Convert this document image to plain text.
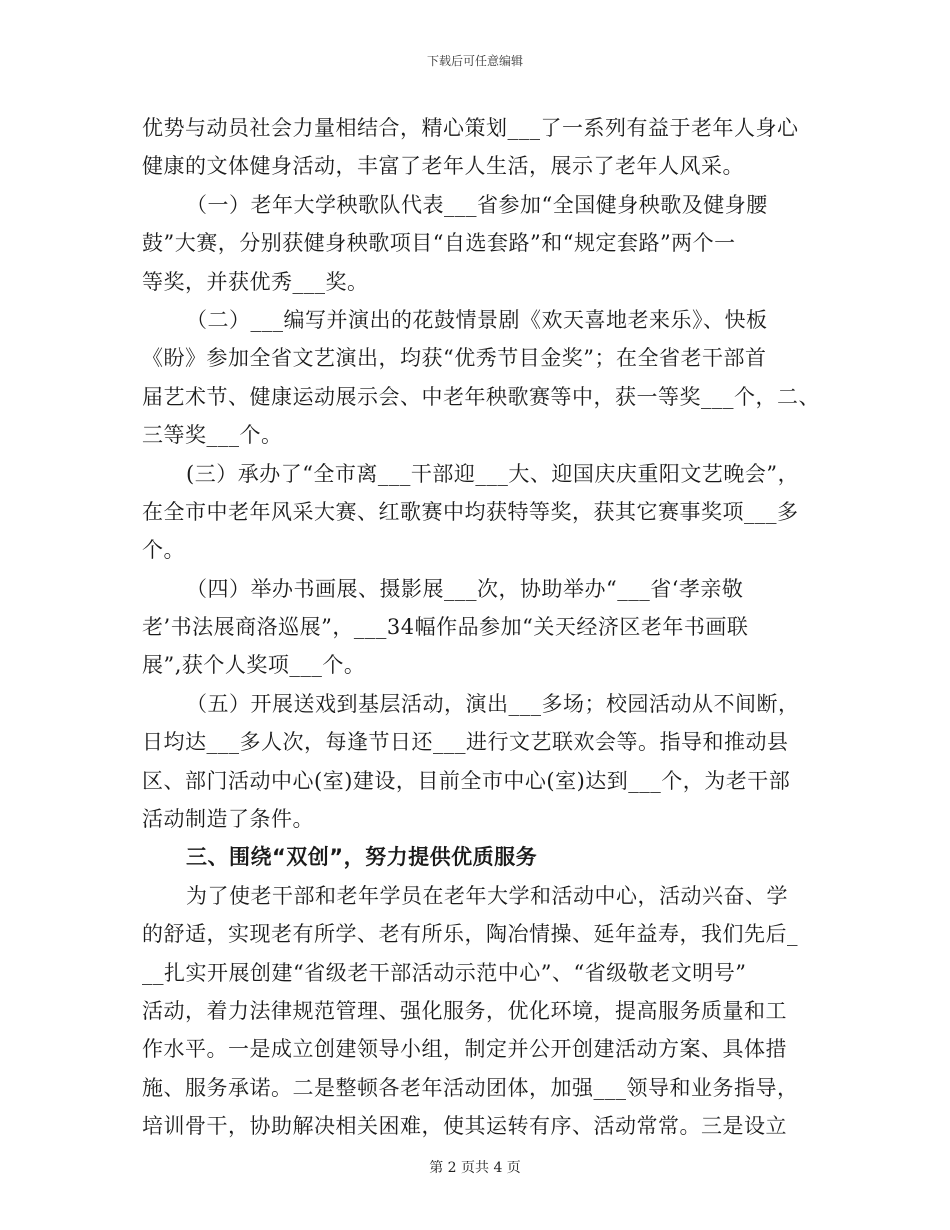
下载后可任意编辑
优势与动员社会力量相结合，精心策划___了一系列有益于老年人身心
健康的文体健身活动，丰富了老年人生活，展示了老年人风采。
（一）老年大学秧歌队代表___省参加“全国健身秧歌及健身腰
鼓”大赛，分别获健身秧歌项目“自选套路”和“规定套路”两个一
等奖，并获优秀___奖。
（二）___编写并演出的花鼓情景剧《欢天喜地老来乐》、快板
《盼》参加全省文艺演出，均获“优秀节目金奖”；在全省老干部首
届艺术节、健康运动展示会、中老年秧歌赛等中，获一等奖___个，二、
三等奖___个。
(三）承办了“全市离___干部迎___大、迎国庆庆重阳文艺晚会”，
在全市中老年风采大赛、红歌赛中均获特等奖，获其它赛事奖项___多
个。
（四）举办书画展、摄影展___次，协助举办“___省‘孝亲敬
老’书法展商洛巡展”，___34幅作品参加“关天经济区老年书画联
展”,获个人奖项___个。
（五）开展送戏到基层活动，演出___多场；校园活动从不间断，
日均达___多人次，每逢节日还___进行文艺联欢会等。指导和推动县
区、部门活动中心(室)建设，目前全市中心(室)达到___个，为老干部
活动制造了条件。
三、围绕“双创”，努力提供优质服务
为了使老干部和老年学员在老年大学和活动中心，活动兴奋、学
的舒适，实现老有所学、老有所乐，陶冶情操、延年益寿，我们先后_
__扎实开展创建“省级老干部活动示范中心”、“省级敬老文明号”
活动，着力法律规范管理、强化服务，优化环境，提高服务质量和工
作水平。一是成立创建领导小组，制定并公开创建活动方案、具体措
施、服务承诺。二是整顿各老年活动团体，加强___领导和业务指导，
培训骨干，协助解决相关困难，使其运转有序、活动常常。三是设立
第 2 页共 4 页
